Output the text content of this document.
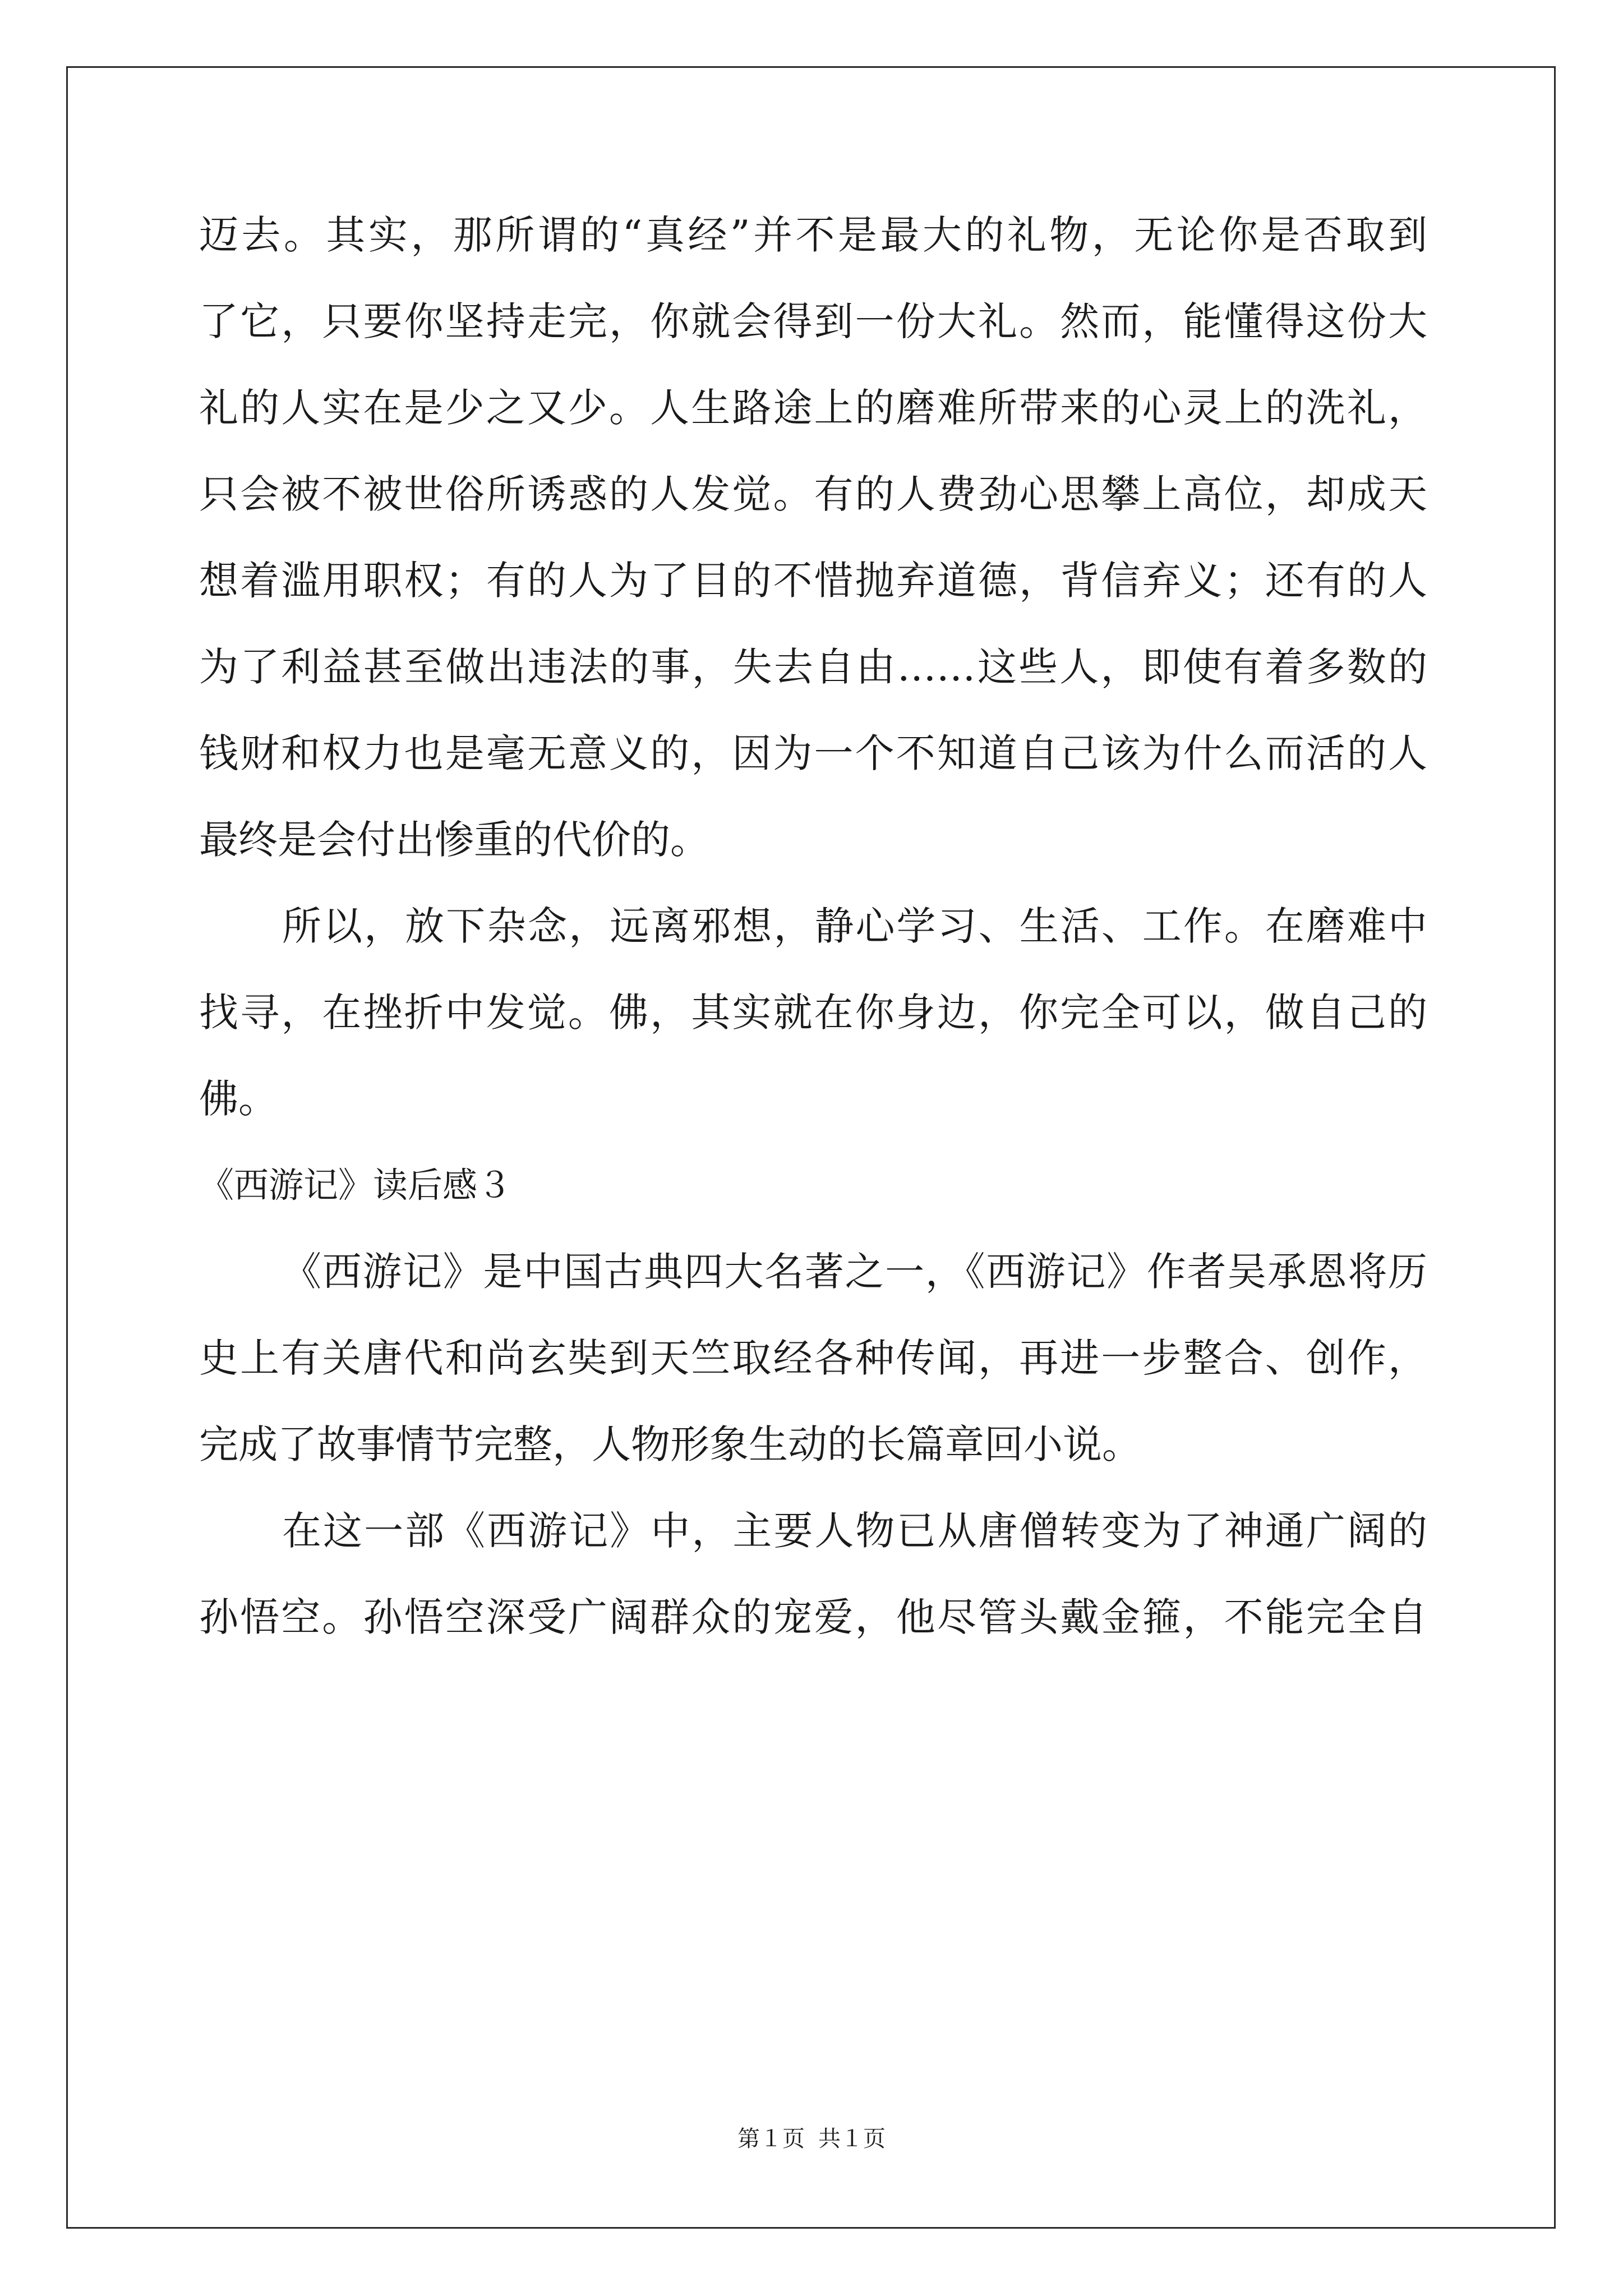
迈去。其实，那所谓的“真经”并不是最大的礼物，无论你是否取到
了它，只要你坚持走完，你就会得到一份大礼。然而，能懂得这份大
礼的人实在是少之又少。人生路途上的磨难所带来的心灵上的洗礼，
只会被不被世俗所诱惑的人发觉。有的人费劲心思攀上高位，却成天
想着滥用职权；有的人为了目的不惜抛弃道德，背信弃义；还有的人
为了利益甚至做出违法的事，失去自由……这些人，即使有着多数的
钱财和权力也是毫无意义的，因为一个不知道自己该为什么而活的人
最终是会付出惨重的代价的。
所以，放下杂念，远离邪想，静心学习、生活、工作。在磨难中
找寻，在挫折中发觉。佛，其实就在你身边，你完全可以，做自己的
佛。
《西游记》读后感３
《西游记》是中国古典四大名著之一，《西游记》作者吴承恩将历
史上有关唐代和尚玄奘到天竺取经各种传闻，再进一步整合、创作，
完成了故事情节完整，人物形象生动的长篇章回小说。
在这一部《西游记》中，主要人物已从唐僧转变为了神通广阔的
孙悟空。孙悟空深受广阔群众的宠爱，他尽管头戴金箍，不能完全自
第１页 共１页
